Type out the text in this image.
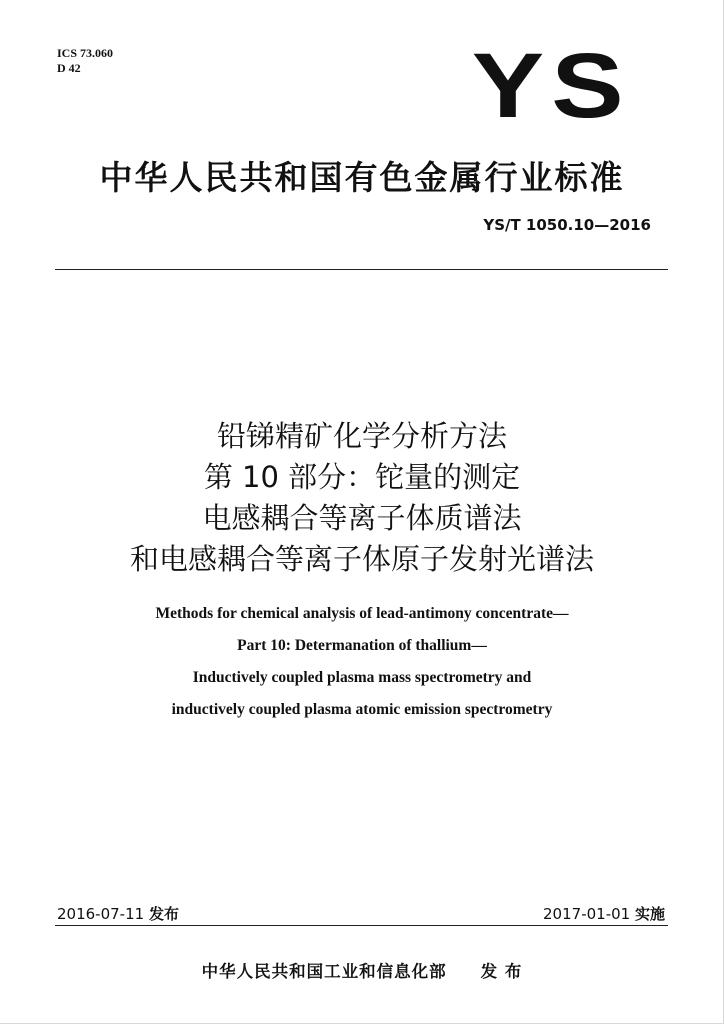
ICS 73.060
D 42	YS
中华人民共和国有色金属行业标准
YS/T 1050.10—2016
铅锑精矿化学分析方法
第 10 部分：铊量的测定
电感耦合等离子体质谱法
和电感耦合等离子体原子发射光谱法
Methods for chemical analysis of lead-antimony concentrate—
Part 10: Determanation of thallium—
Inductively coupled plasma mass spectrometry and
inductively coupled plasma atomic emission spectrometry
2016-07-11 发布	2017-01-01 实施
中华人民共和国工业和信息化部 发 布
